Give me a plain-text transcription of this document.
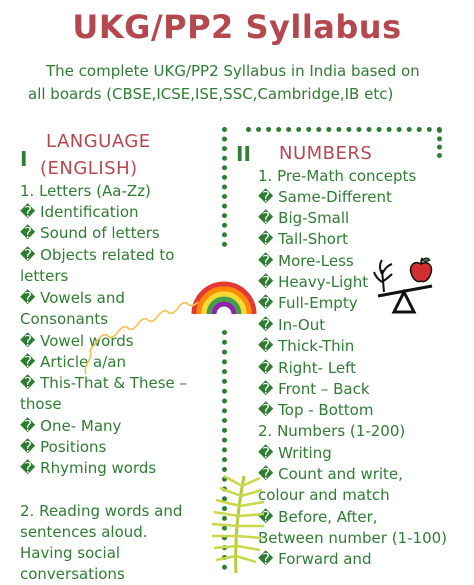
UKG/PP2 Syllabus
The complete UKG/PP2 Syllabus in India based on
all boards (CBSE,ICSE,ISE,SSC,Cambridge,IB etc)
I
LANGUAGE
(ENGLISH)
1. Letters (Aa-Zz)
� Identification
� Sound of letters
� Objects related to
letters
� Vowels and
Consonants
� Vowel words
� Article a/an
� This-That & These –
those
� One- Many
� Positions
� Rhyming words
2. Reading words and
sentences aloud.
Having social
conversations
II NUMBERS
1. Pre-Math concepts
� Same-Different
� Big-Small
� Tall-Short
� More-Less
� Heavy-Light
� Full-Empty
� In-Out
� Thick-Thin
� Right- Left
� Front – Back
� Top - Bottom
2. Numbers (1-200)
� Writing
� Count and write,
colour and match
� Before, After,
Between number (1-100)
� Forward and
